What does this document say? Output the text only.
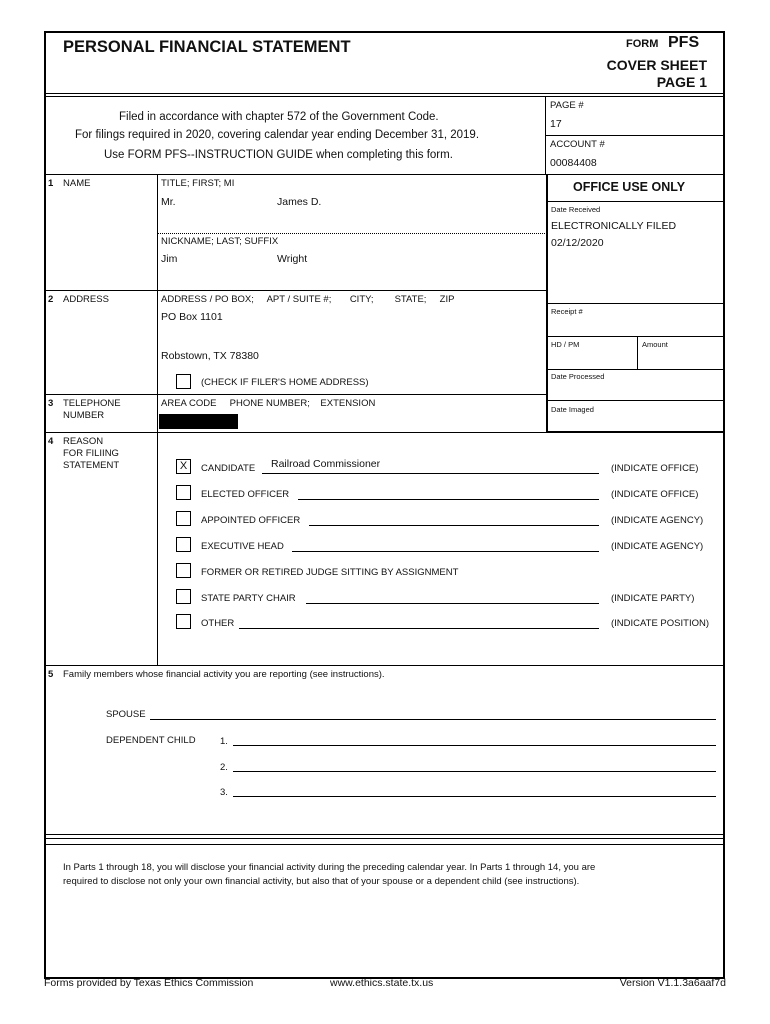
PERSONAL FINANCIAL STATEMENT	FORM PFS
COVER SHEET
PAGE 1
Filed in accordance with chapter 572 of the Government Code.
For filings required in 2020, covering calendar year ending December 31, 2019.
Use FORM PFS--INSTRUCTION GUIDE when completing this form.
PAGE #
17
ACCOUNT #
00084408
OFFICE USE ONLY
Date Received
ELECTRONICALLY FILED
02/12/2020
Receipt #
HD / PM	Amount
Date Processed
Date Imaged
1 NAME	TITLE; FIRST; MI
Mr.	James D.
NICKNAME; LAST; SUFFIX
Jim	Wright
2 ADDRESS	ADDRESS / PO BOX;     APT / SUITE #;       CITY;        STATE;     ZIP
PO Box 1101
Robstown, TX 78380
(CHECK IF FILER'S HOME ADDRESS)
3 TELEPHONE
NUMBER
AREA CODE     PHONE NUMBER;    EXTENSION
4 REASON
FOR FILIING
STATEMENT	X	CANDIDATE Railroad Commissioner	(INDICATE OFFICE)
ELECTED OFFICER	(INDICATE OFFICE)
APPOINTED OFFICER	(INDICATE AGENCY)
EXECUTIVE HEAD	(INDICATE AGENCY)
FORMER OR RETIRED JUDGE SITTING BY ASSIGNMENT
STATE PARTY CHAIR	(INDICATE PARTY)
OTHER	(INDICATE POSITION)
5 Family members whose financial activity you are reporting (see instructions).
SPOUSE
DEPENDENT CHILD	1.
2.
3.
In Parts 1 through 18, you will disclose your financial activity during the preceding calendar year. In Parts 1 through 14, you are
required to disclose not only your own financial activity, but also that of your spouse or a dependent child (see instructions).
Forms provided by Texas Ethics Commission	www.ethics.state.tx.us	Version V1.1.3a6aaf7d
